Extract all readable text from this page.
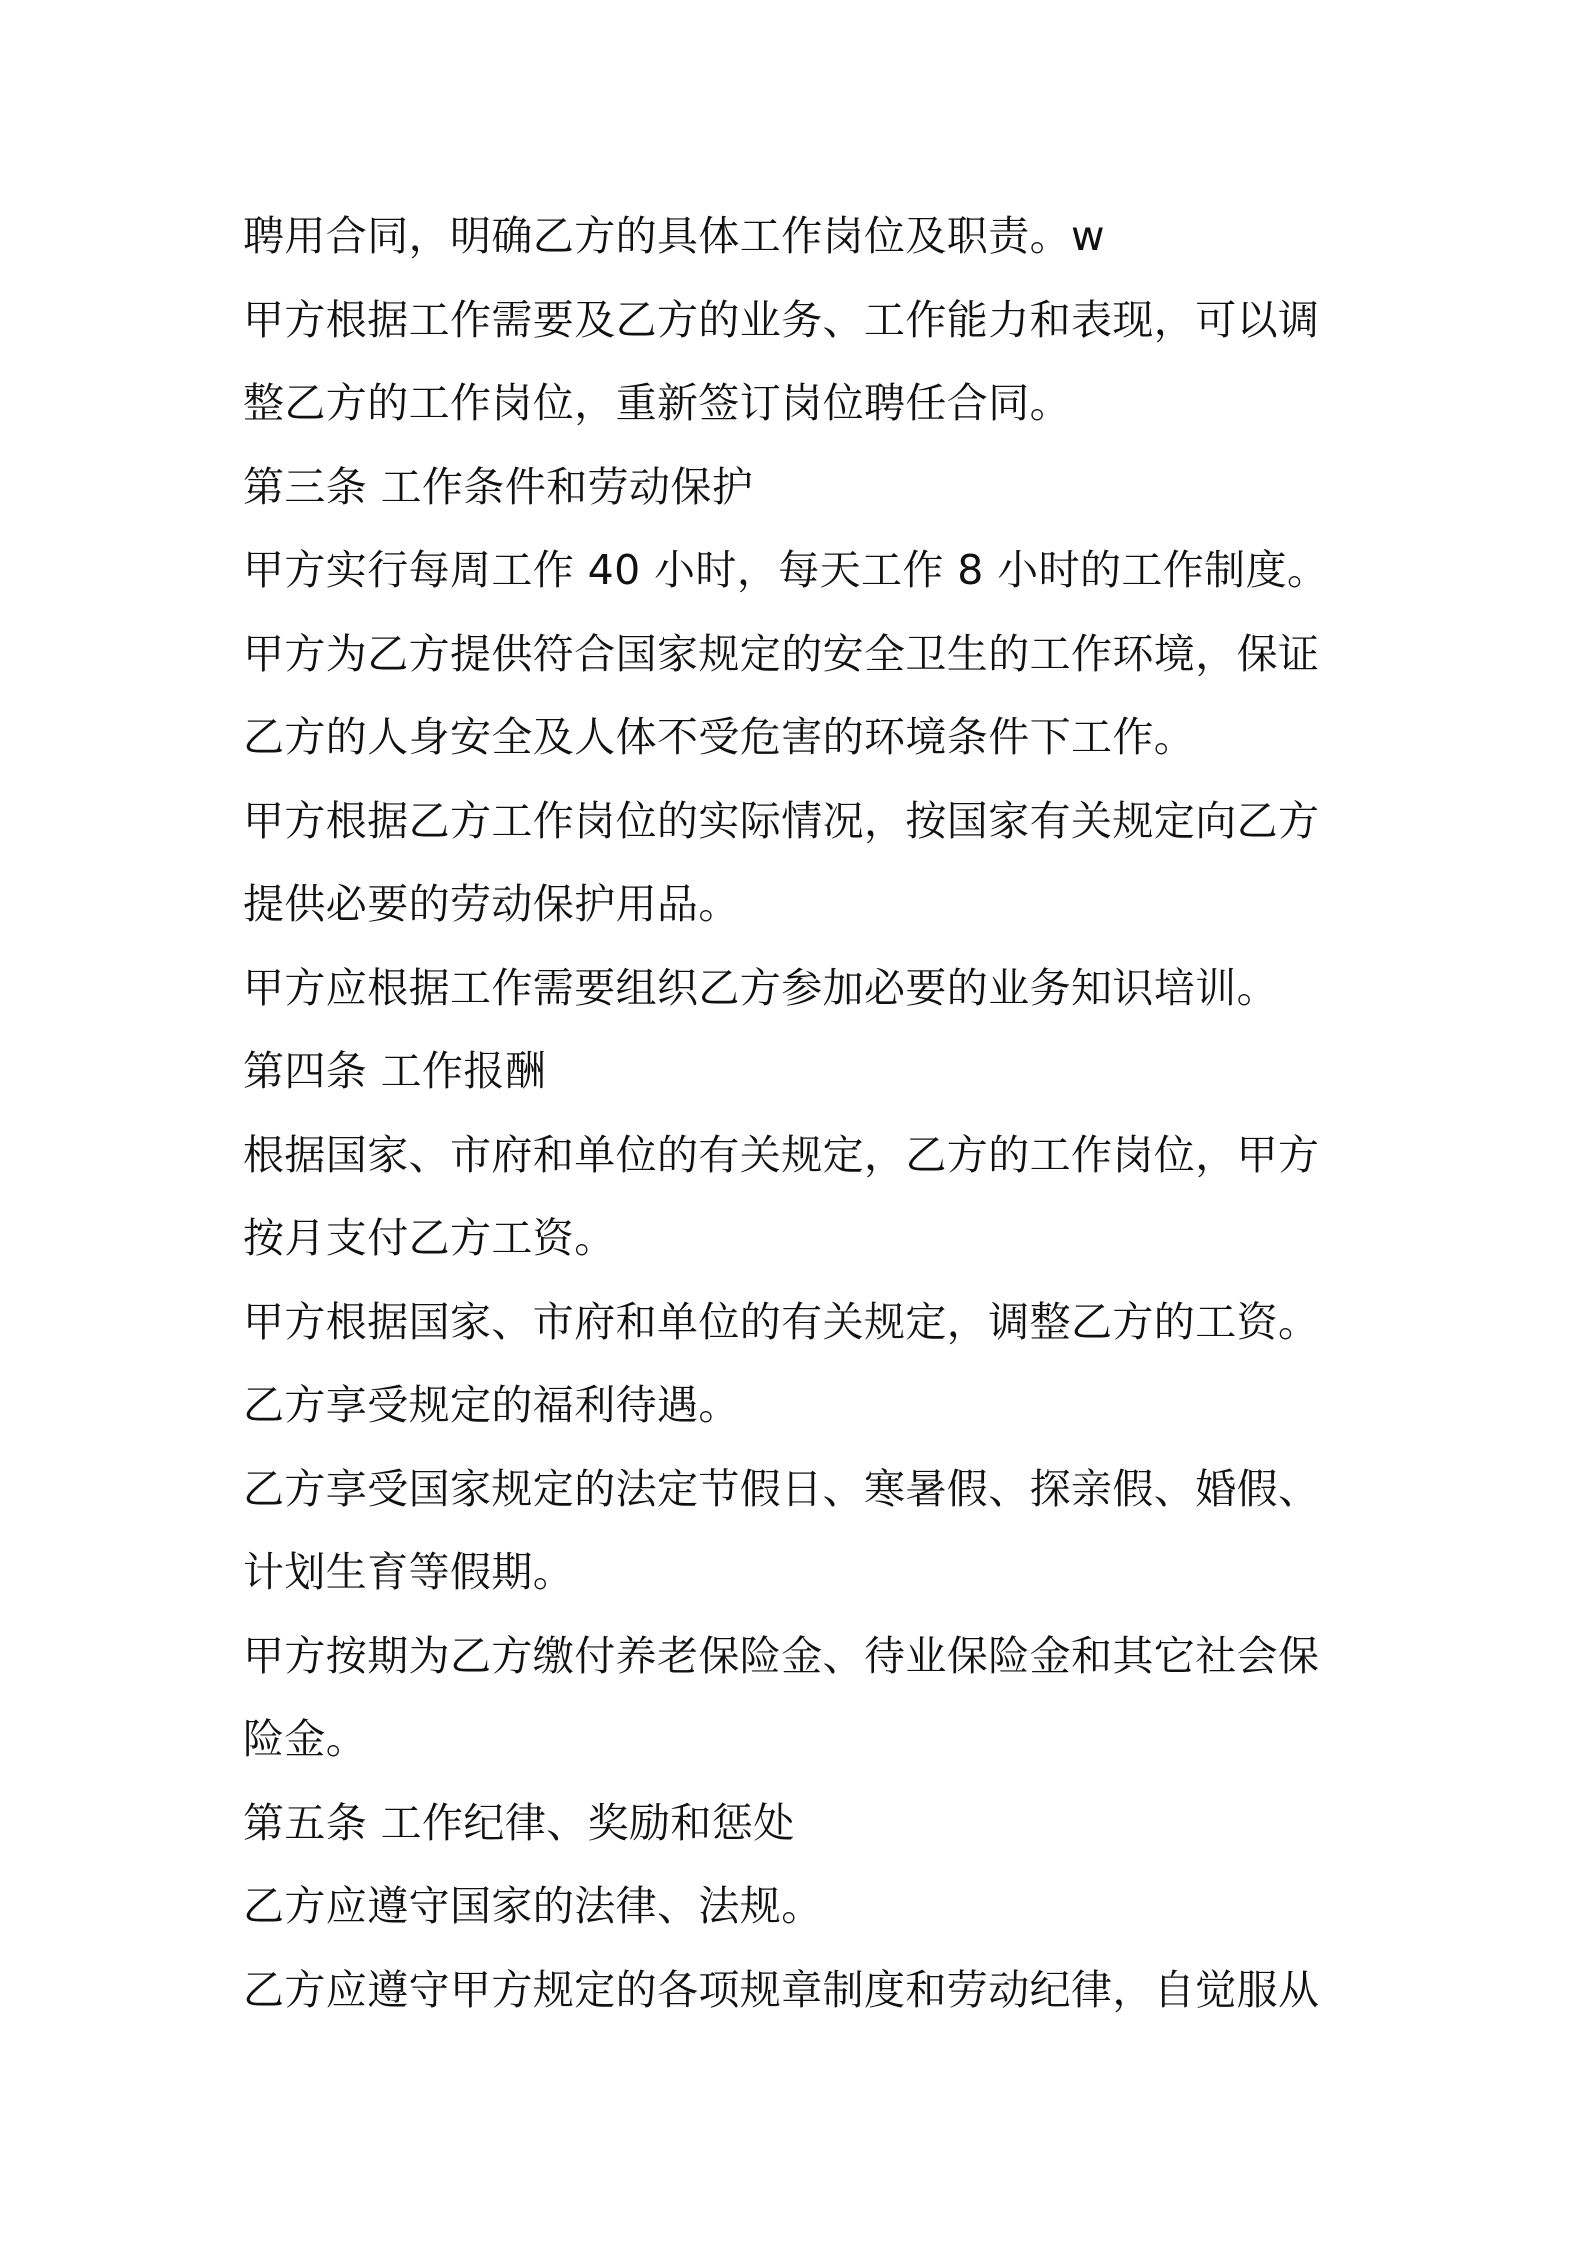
聘用合同，明确乙方的具体工作岗位及职责。w
甲方根据工作需要及乙方的业务、工作能力和表现，可以调
整乙方的工作岗位，重新签订岗位聘任合同。
第三条 工作条件和劳动保护
甲方实行每周工作 40 小时，每天工作 8 小时的工作制度。
甲方为乙方提供符合国家规定的安全卫生的工作环境，保证
乙方的人身安全及人体不受危害的环境条件下工作。
甲方根据乙方工作岗位的实际情况，按国家有关规定向乙方
提供必要的劳动保护用品。
甲方应根据工作需要组织乙方参加必要的业务知识培训。
第四条 工作报酬
根据国家、市府和单位的有关规定，乙方的工作岗位，甲方
按月支付乙方工资。
甲方根据国家、市府和单位的有关规定，调整乙方的工资。
乙方享受规定的福利待遇。
乙方享受国家规定的法定节假日、寒暑假、探亲假、婚假、
计划生育等假期。
甲方按期为乙方缴付养老保险金、待业保险金和其它社会保
险金。
第五条 工作纪律、奖励和惩处
乙方应遵守国家的法律、法规。
乙方应遵守甲方规定的各项规章制度和劳动纪律，自觉服从
